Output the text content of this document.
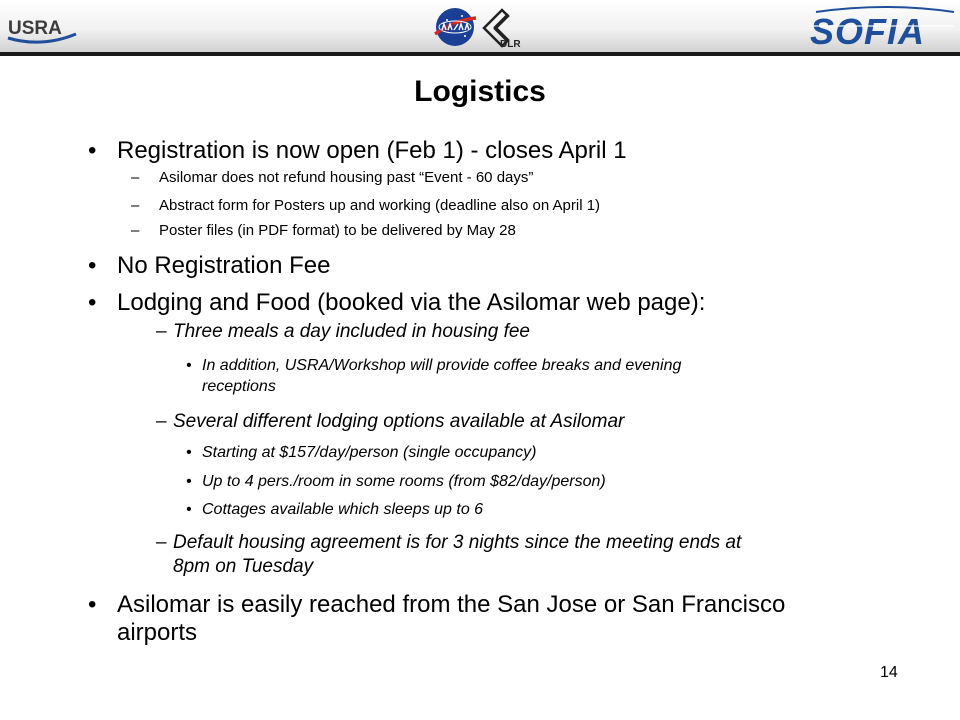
USRA
DLR	SOFIA
Logistics
• Registration is now open (Feb 1) - closes April 1
– Asilomar does not refund housing past “Event - 60 days”
– Abstract form for Posters up and working (deadline also on April 1)
– Poster files (in PDF format) to be delivered by May 28
• No Registration Fee
• Lodging and Food (booked via the Asilomar web page):
– Three meals a day included in housing fee
• In addition, USRA/Workshop will provide coffee breaks and evening
receptions
– Several different lodging options available at Asilomar
• Starting at $157/day/person (single occupancy)
• Up to 4 pers./room in some rooms (from $82/day/person)
• Cottages available which sleeps up to 6
– Default housing agreement is for 3 nights since the meeting ends at
8pm on Tuesday
• Asilomar is easily reached from the San Jose or San Francisco
airports
14
